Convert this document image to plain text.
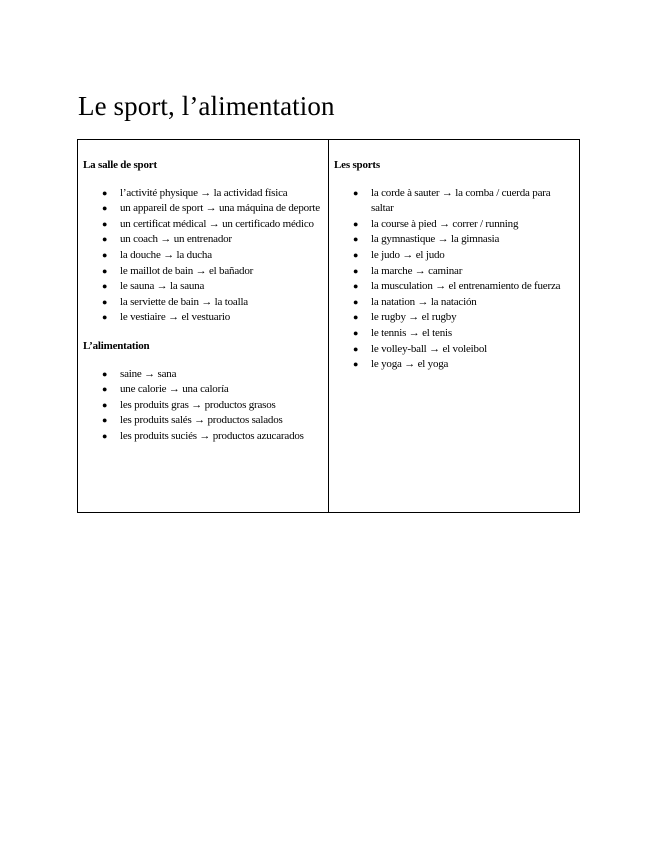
Le sport, l’alimentation

La salle de sport

● l’activité physique → la actividad física
● un appareil de sport → una máquina de deporte
● un certificat médical → un certificado médico
● un coach → un entrenador
● la douche → la ducha
● le maillot de bain → el bañador
● le sauna → la sauna
● la serviette de bain → la toalla
● le vestiaire → el vestuario

L’alimentation

● saine → sana
● une calorie → una caloría
● les produits gras → productos grasos
● les produits salés → productos salados
● les produits suciés → productos azucarados

Les sports

● la corde à sauter → la comba / cuerda para saltar
● la course à pied → correr / running
● la gymnastique → la gimnasia
● le judo → el judo
● la marche → caminar
● la musculation → el entrenamiento de fuerza
● la natation → la natación
● le rugby → el rugby
● le tennis → el tenis
● le volley-ball → el voleibol
● le yoga → el yoga
